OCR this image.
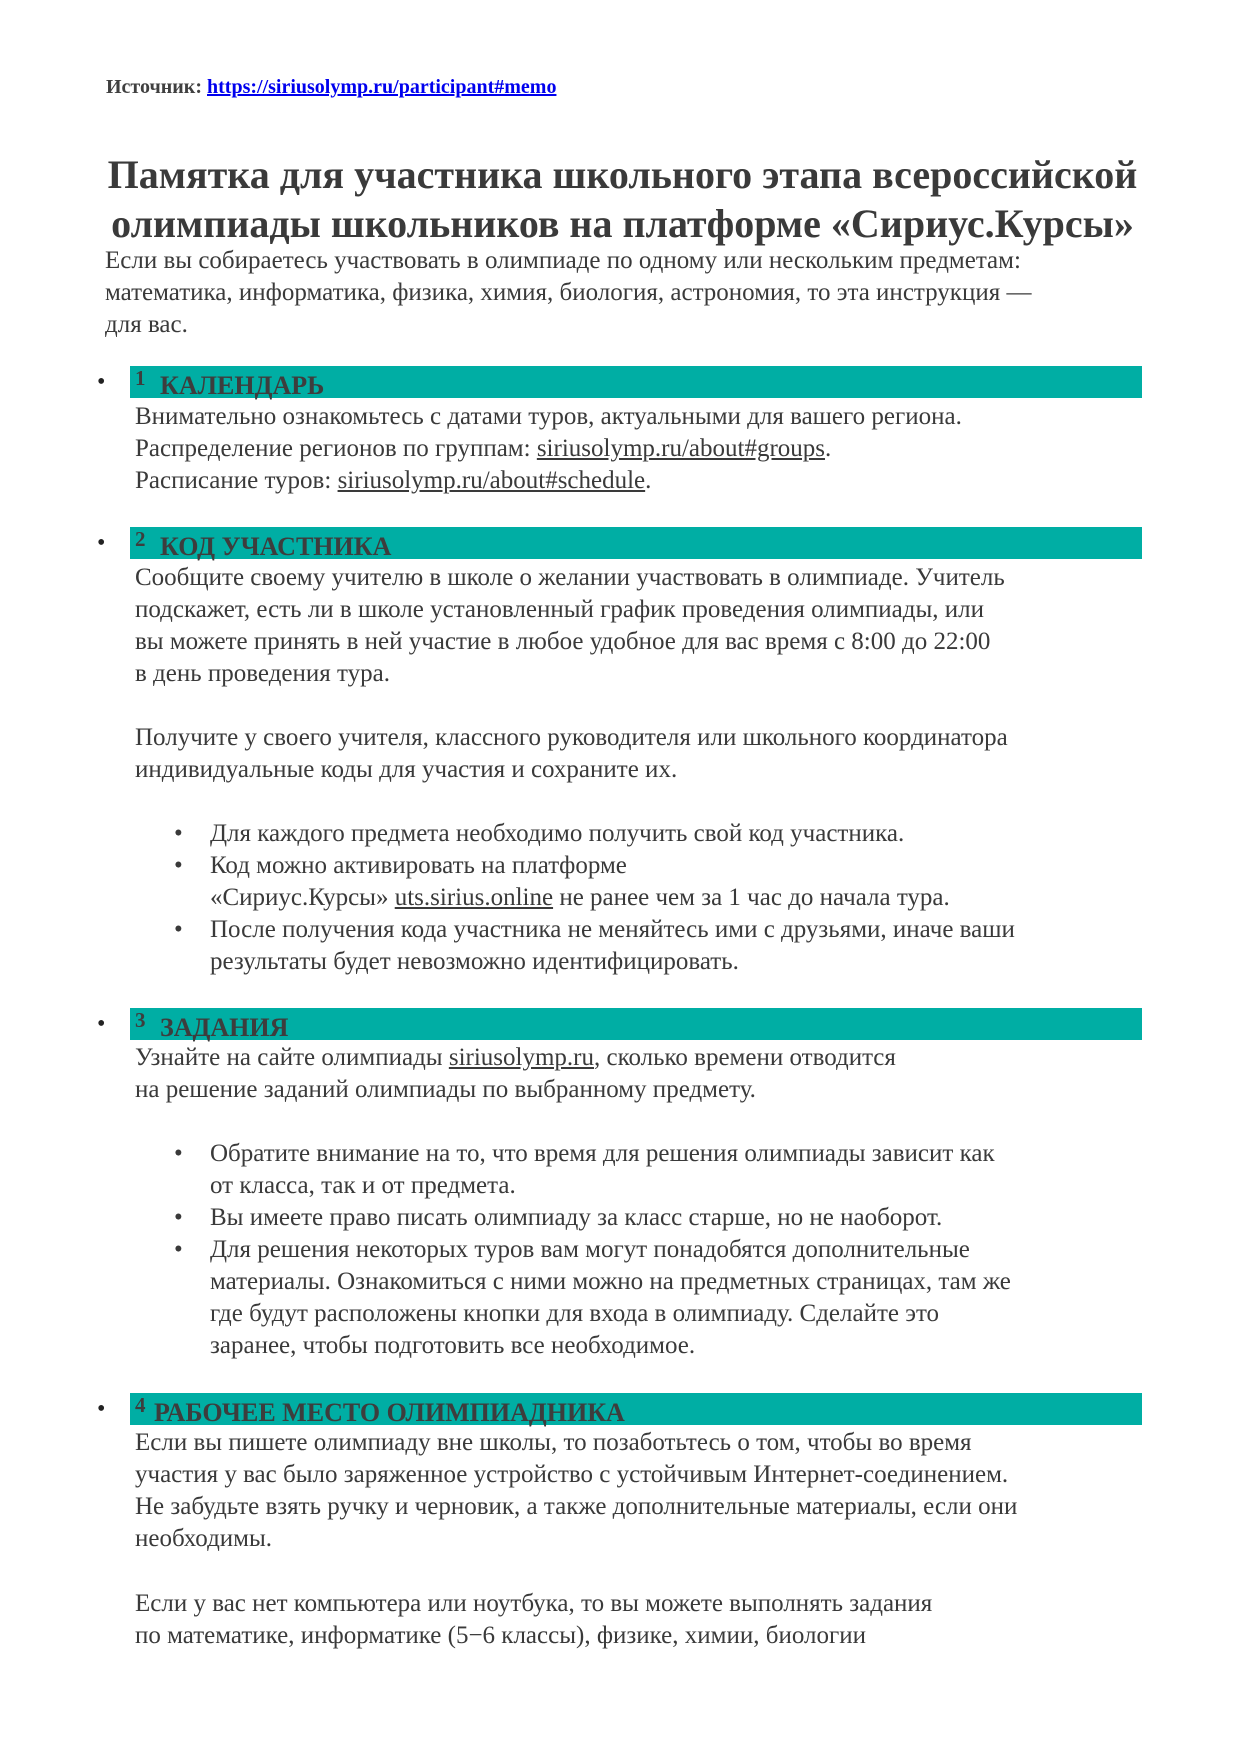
Источник: https://siriusolymp.ru/participant#memo
Памятка для участника школьного этапа всероссийской
олимпиады школьников на платформе «Сириус.Курсы»
Если вы собираетесь участвовать в олимпиаде по одному или нескольким предметам:
математика, информатика, физика, химия, биология, астрономия, то эта инструкция —
для вас.
• 1 КАЛЕНДАРЬ

Внимательно ознакомьтесь с датами туров, актуальными для вашего региона.

Распределение регионов по группам: siriusolymp.ru/about#groups.

Расписание туров: siriusolymp.ru/about#schedule.

• 2 КОД УЧАСТНИКА

Сообщите своему учителю в школе о желании участвовать в олимпиаде. Учитель

подскажет, есть ли в школе установленный график проведения олимпиады, или

вы можете принять в ней участие в любое удобное для вас время с 8:00 до 22:00

в день проведения тура.

Получите у своего учителя, классного руководителя или школьного координатора

индивидуальные коды для участия и сохраните их.

• Для каждого предмета необходимо получить свой код участника.
• Код можно активировать на платформе
«Сириус.Курсы» uts.sirius.online не ранее чем за 1 час до начала тура.
• После получения кода участника не меняйтесь ими с друзьями, иначе ваши
результаты будет невозможно идентифицировать.
• 3 ЗАДАНИЯ

Узнайте на сайте олимпиады siriusolymp.ru, сколько времени отводится

на решение заданий олимпиады по выбранному предмету.

• Обратите внимание на то, что время для решения олимпиады зависит как
от класса, так и от предмета.
• Вы имеете право писать олимпиаду за класс старше, но не наоборот.
• Для решения некоторых туров вам могут понадобятся дополнительные
материалы. Ознакомиться с ними можно на предметных страницах, там же
где будут расположены кнопки для входа в олимпиаду. Сделайте это
заранее, чтобы подготовить все необходимое.
• 4 РАБОЧЕЕ МЕСТО ОЛИМПИАДНИКА

Если вы пишете олимпиаду вне школы, то позаботьтесь о том, чтобы во время

участия у вас было заряженное устройство с устойчивым Интернет-соединением.

Не забудьте взять ручку и черновик, а также дополнительные материалы, если они

необходимы.

Если у вас нет компьютера или ноутбука, то вы можете выполнять задания

по математике, информатике (5−6 классы), физике, химии, биологии
